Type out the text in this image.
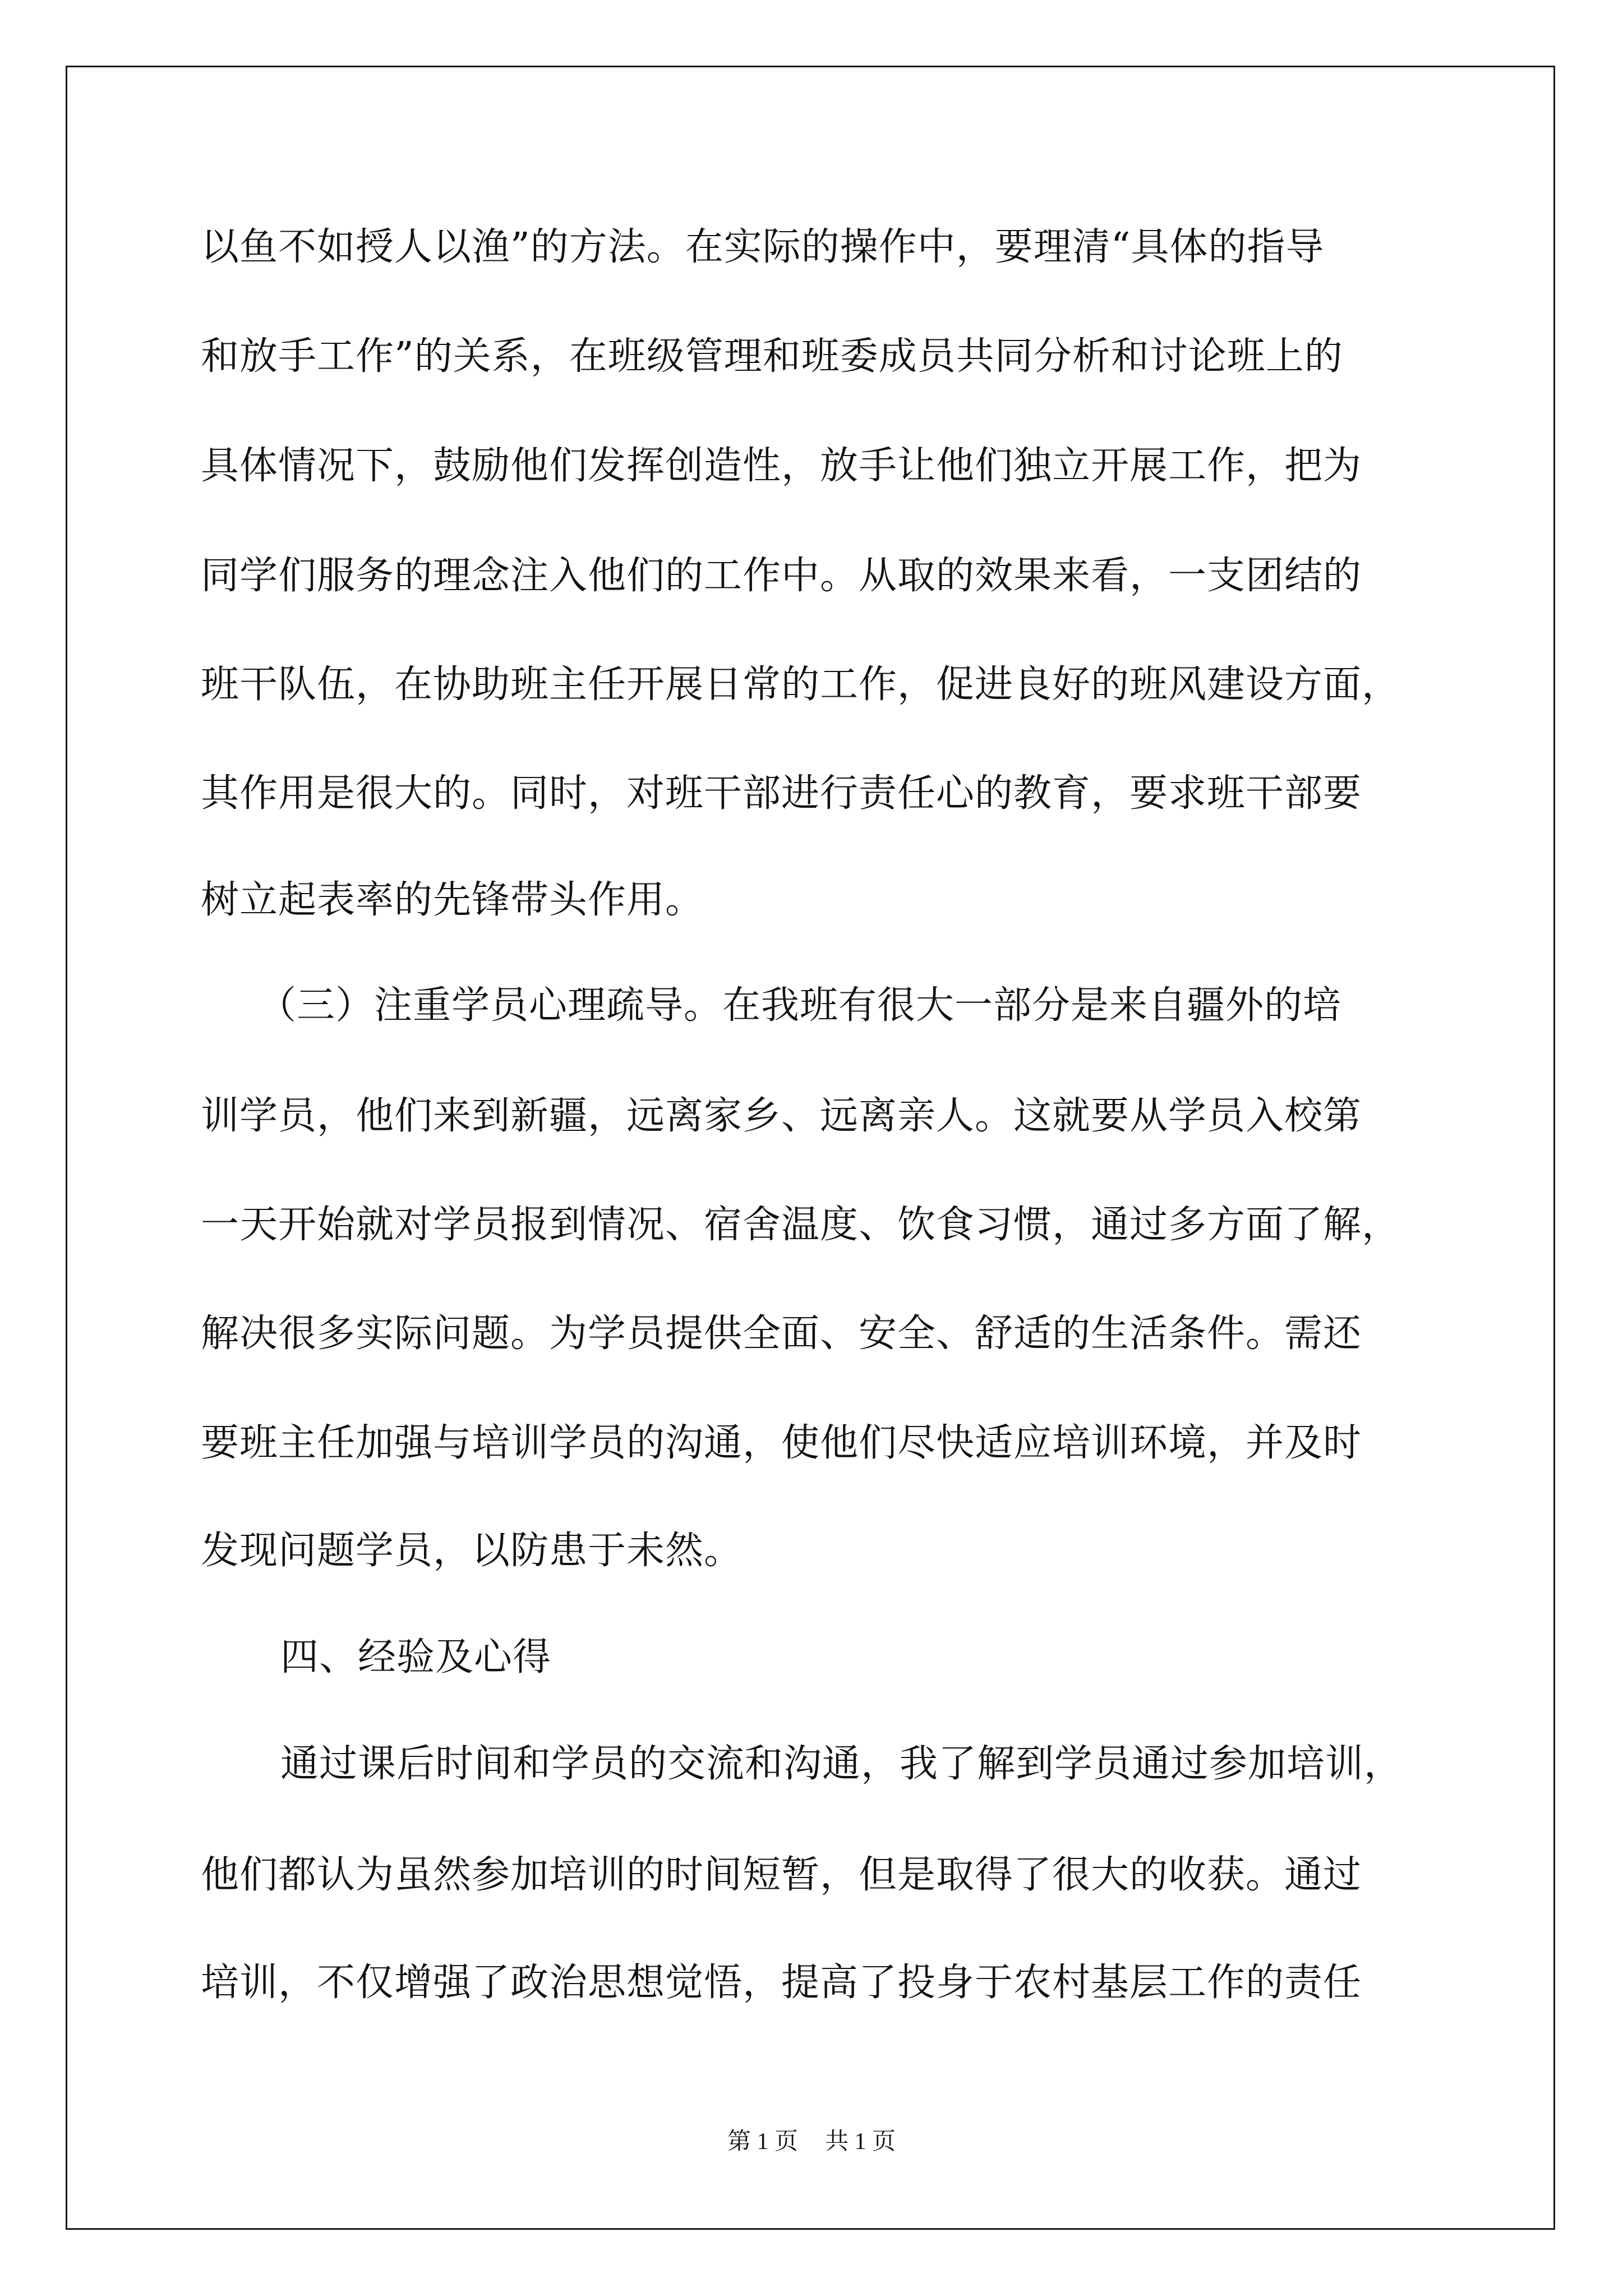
以鱼不如授人以渔”的方法。在实际的操作中，要理清“具体的指导
和放手工作”的关系，在班级管理和班委成员共同分析和讨论班上的
具体情况下，鼓励他们发挥创造性，放手让他们独立开展工作，把为
同学们服务的理念注入他们的工作中。从取的效果来看，一支团结的
班干队伍，在协助班主任开展日常的工作，促进良好的班风建设方面，
其作用是很大的。同时，对班干部进行责任心的教育，要求班干部要
树立起表率的先锋带头作用。
（三）注重学员心理疏导。在我班有很大一部分是来自疆外的培
训学员，他们来到新疆，远离家乡、远离亲人。这就要从学员入校第
一天开始就对学员报到情况、宿舍温度、饮食习惯，通过多方面了解，
解决很多实际问题。为学员提供全面、安全、舒适的生活条件。需还
要班主任加强与培训学员的沟通，使他们尽快适应培训环境，并及时
发现问题学员，以防患于未然。
四、经验及心得
通过课后时间和学员的交流和沟通，我了解到学员通过参加培训，
他们都认为虽然参加培训的时间短暂，但是取得了很大的收获。通过
培训，不仅增强了政治思想觉悟，提高了投身于农村基层工作的责任
第 1 页 共 1 页
